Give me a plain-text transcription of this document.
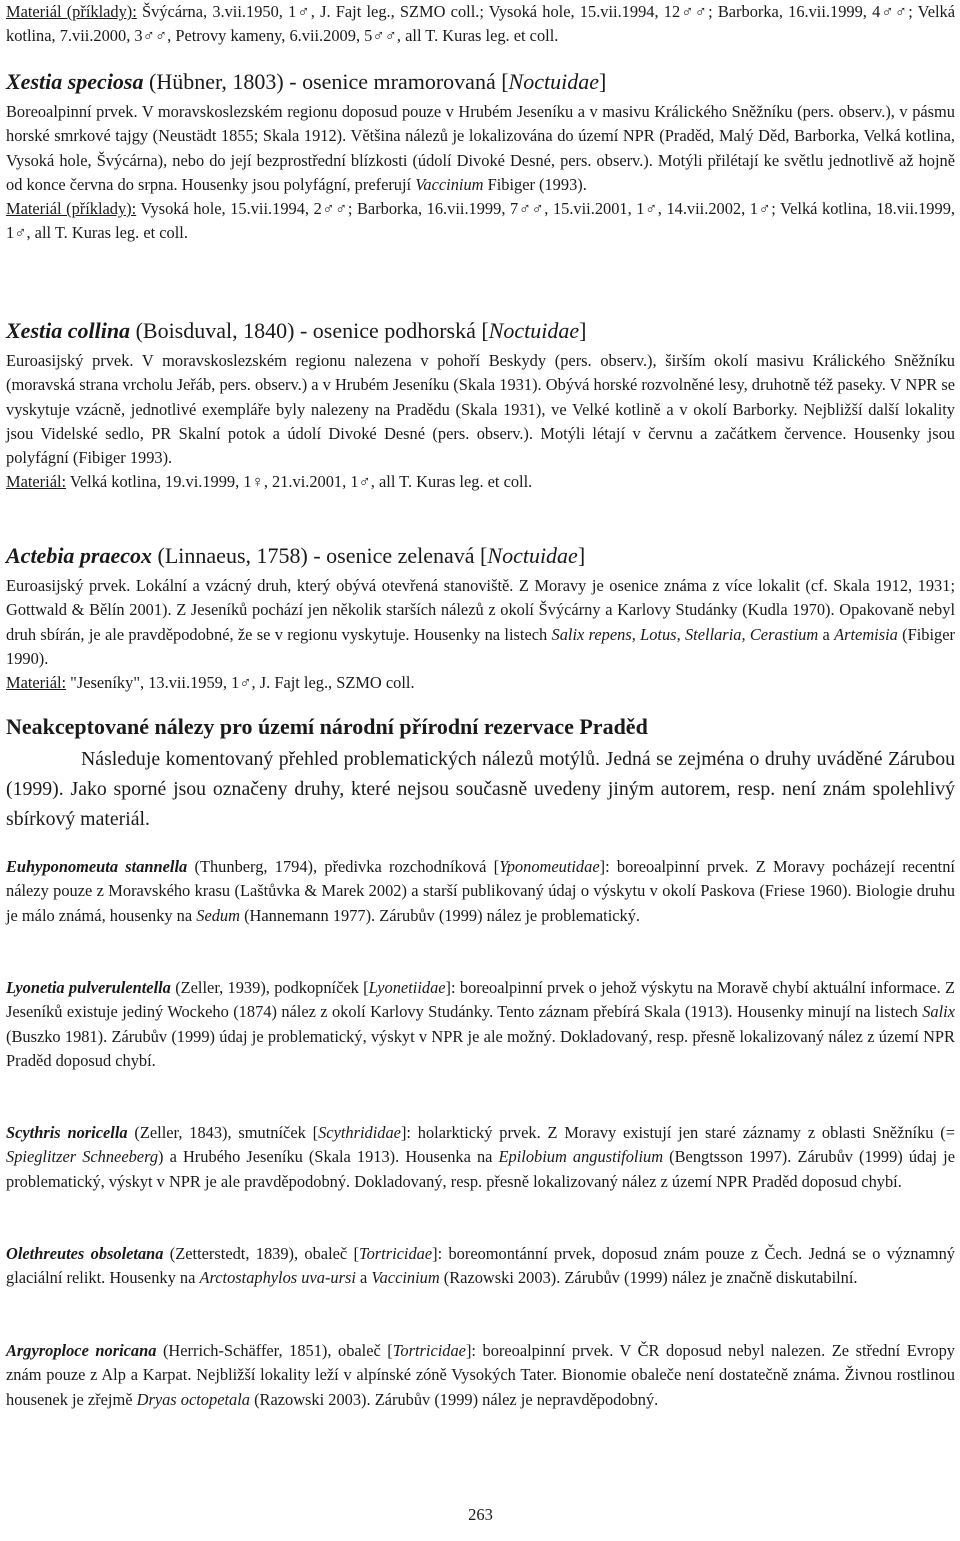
Materiál (příklady): Švýcárna, 3.vii.1950, 1♂, J. Fajt leg., SZMO coll.; Vysoká hole, 15.vii.1994, 12♂♂; Barborka, 16.vii.1999, 4♂♂; Velká kotlina, 7.vii.2000, 3♂♂, Petrovy kameny, 6.vii.2009, 5♂♂, all T. Kuras leg. et coll.

Xestia speciosa (Hübner, 1803) - osenice mramorovaná [Noctuidae]

Boreoalpinní prvek. V moravskoslezském regionu doposud pouze v Hrubém Jeseníku a v masivu Králického Sněžníku (pers. observ.), v pásmu horské smrkové tajgy (Neustädt 1855; Skala 1912). Většina nálezů je lokalizována do území NPR (Praděd, Malý Děd, Barborka, Velká kotlina, Vysoká hole, Švýcárna), nebo do její bezprostřední blízkosti (údolí Divoké Desné, pers. observ.). Motýli přilétají ke světlu jednotlivě až hojně od konce června do srpna. Housenky jsou polyfágní, preferují Vaccinium Fibiger (1993).

Materiál (příklady): Vysoká hole, 15.vii.1994, 2♂♂; Barborka, 16.vii.1999, 7♂♂, 15.vii.2001, 1♂, 14.vii.2002, 1♂; Velká kotlina, 18.vii.1999, 1♂, all T. Kuras leg. et coll.

Xestia collina (Boisduval, 1840) - osenice podhorská [Noctuidae]

Euroasijský prvek. V moravskoslezském regionu nalezena v pohoří Beskydy (pers. observ.), širším okolí masivu Králického Sněžníku (moravská strana vrcholu Jeřáb, pers. observ.) a v Hrubém Jeseníku (Skala 1931). Obývá horské rozvolněné lesy, druhotně též paseky. V NPR se vyskytuje vzácně, jednotlivé exempláře byly nalezeny na Pradědu (Skala 1931), ve Velké kotlině a v okolí Barborky. Nejbližší další lokality jsou Videlské sedlo, PR Skalní potok a údolí Divoké Desné (pers. observ.). Motýli létají v červnu a začátkem července. Housenky jsou polyfágní (Fibiger 1993).

Materiál: Velká kotlina, 19.vi.1999, 1♀, 21.vi.2001, 1♂, all T. Kuras leg. et coll.

Actebia praecox (Linnaeus, 1758) - osenice zelenavá [Noctuidae]

Euroasijský prvek. Lokální a vzácný druh, který obývá otevřená stanoviště. Z Moravy je osenice známa z více lokalit (cf. Skala 1912, 1931; Gottwald & Bělín 2001). Z Jeseníků pochází jen několik starších nálezů z okolí Švýcárny a Karlovy Studánky (Kudla 1970). Opakovaně nebyl druh sbírán, je ale pravděpodobné, že se v regionu vyskytuje. Housenky na listech Salix repens, Lotus, Stellaria, Cerastium a Artemisia (Fibiger 1990).

Materiál: "Jeseníky", 13.vii.1959, 1♂, J. Fajt leg., SZMO coll.

Neakceptované nálezy pro území národní přírodní rezervace Praděd

Následuje komentovaný přehled problematických nálezů motýlů. Jedná se zejména o druhy uváděné Zárubou (1999). Jako sporné jsou označeny druhy, které nejsou současně uvedeny jiným autorem, resp. není znám spolehlivý sbírkový materiál.

Euhyponomeuta stannella (Thunberg, 1794), předivka rozchodníková [Yponomeutidae]: boreoalpinní prvek. Z Moravy pocházejí recentní nálezy pouze z Moravského krasu (Laštůvka & Marek 2002) a starší publikovaný údaj o výskytu v okolí Paskova (Friese 1960). Biologie druhu je málo známá, housenky na Sedum (Hannemann 1977). Zárubův (1999) nález je problematický.

Lyonetia pulverulentella (Zeller, 1939), podkopníček [Lyonetiidae]: boreoalpinní prvek o jehož výskytu na Moravě chybí aktuální informace. Z Jeseníků existuje jediný Wockeho (1874) nález z okolí Karlovy Studánky. Tento záznam přebírá Skala (1913). Housenky minují na listech Salix (Buszko 1981). Zárubův (1999) údaj je problematický, výskyt v NPR je ale možný. Dokladovaný, resp. přesně lokalizovaný nález z území NPR Praděd doposud chybí.

Scythris noricella (Zeller, 1843), smutníček [Scythrididae]: holarktický prvek. Z Moravy existují jen staré záznamy z oblasti Sněžníku (= Spieglitzer Schneeberg) a Hrubého Jeseníku (Skala 1913). Housenka na Epilobium angustifolium (Bengtsson 1997). Zárubův (1999) údaj je problematický, výskyt v NPR je ale pravděpodobný. Dokladovaný, resp. přesně lokalizovaný nález z území NPR Praděd doposud chybí.

Olethreutes obsoletana (Zetterstedt, 1839), obaleč [Tortricidae]: boreomontánní prvek, doposud znám pouze z Čech. Jedná se o významný glaciální relikt. Housenky na Arctostaphylos uva-ursi a Vaccinium (Razowski 2003). Zárubův (1999) nález je značně diskutabilní.

Argyroploce noricana (Herrich-Schäffer, 1851), obaleč [Tortricidae]: boreoalpinní prvek. V ČR doposud nebyl nalezen. Ze střední Evropy znám pouze z Alp a Karpat. Nejbližší lokality leží v alpínské zóně Vysokých Tater. Bionomie obaleče není dostatečně známa. Živnou rostlinou housenek je zřejmě Dryas octopetala (Razowski 2003). Zárubův (1999) nález je nepravděpodobný.

263
